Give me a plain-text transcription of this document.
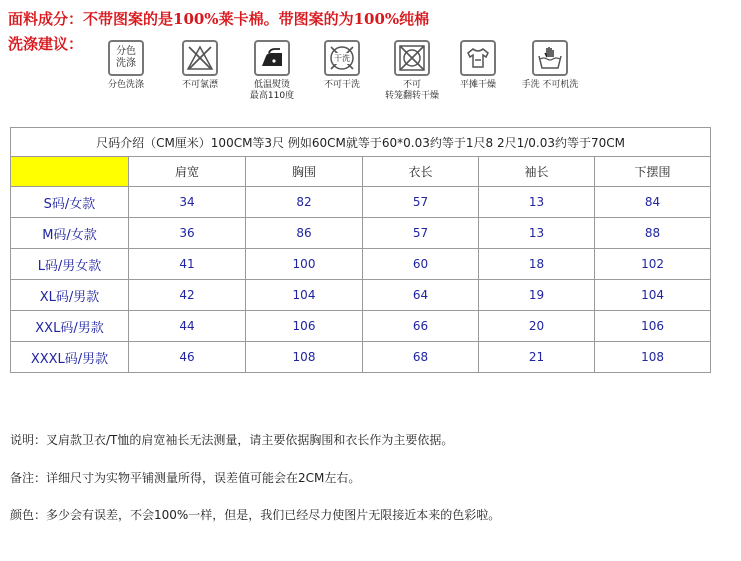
面料成分：不带图案的是100%莱卡棉。带图案的为100%纯棉
洗涤建议：	分色洗涤
分色洗涤	不可氯漂	低温熨烫
最高110度
干洗
不可干洗	不可
转笼翻转干燥
平摊干燥	手洗 不可机洗
尺码介绍（CM厘米）100CM等3尺 例如60CM就等于60*0.03约等于1尺8 2尺1/0.03约等于70CM					
	肩宽	胸围	衣长	袖长	下摆围
S码/女款	34	82	57	13	84
M码/女款	36	86	57	13	88
L码/男女款	41	100	60	18	102
XL码/男款	42	104	64	19	104
XXL码/男款	44	106	66	20	106
XXXL码/男款	46	108	68	21	108
说明：叉肩款卫衣/T恤的肩宽袖长无法测量，请主要依据胸围和衣长作为主要依据。
备注：详细尺寸为实物平铺测量所得，误差值可能会在2CM左右。
颜色：多少会有误差，不会100%一样，但是，我们已经尽力使图片无限接近本来的色彩啦。
